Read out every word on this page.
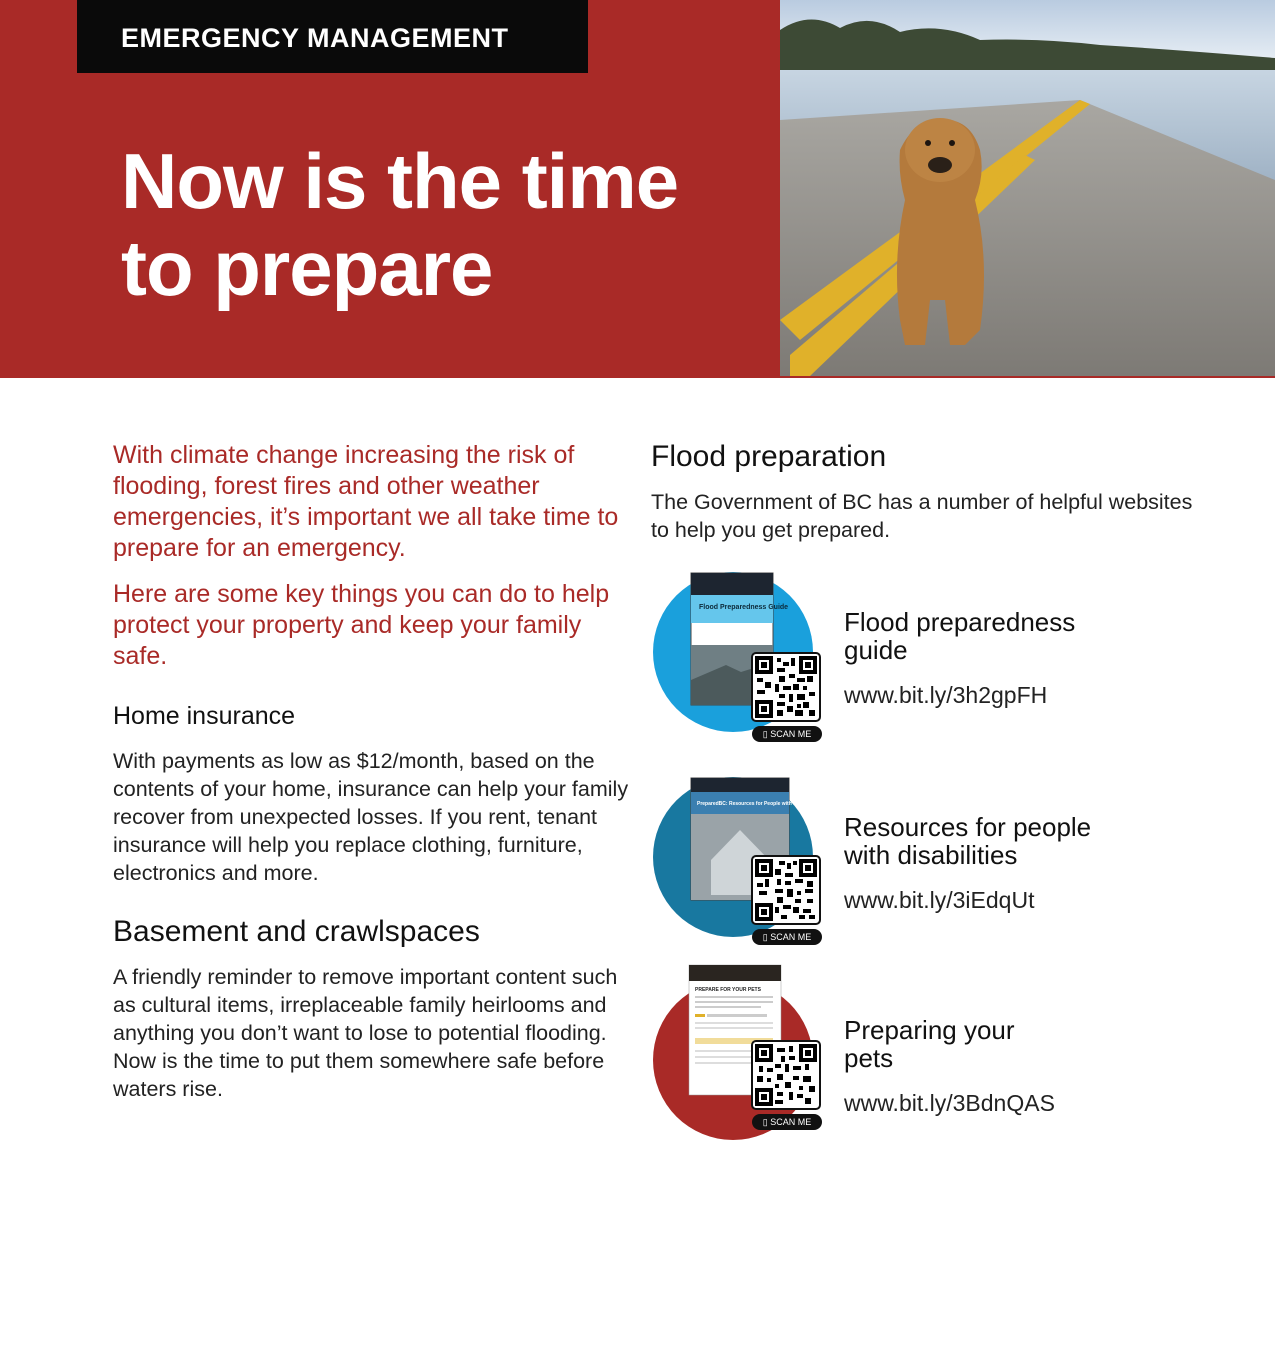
EMERGENCY MANAGEMENT
Now is the time to prepare

With climate change increasing the risk of flooding, forest fires and other weather emergencies, it’s important we all take time to prepare for an emergency.

Here are some key things you can do to help protect your property and keep your family safe.

Home insurance

With payments as low as $12/month, based on the contents of your home, insurance can help your family recover from unexpected losses. If you rent, tenant insurance will help you replace clothing, furniture, electronics and more.

Basement and crawlspaces

A friendly reminder to remove important content such as cultural items, irreplaceable family heirlooms and anything you don’t want to lose to potential flooding. Now is the time to put them somewhere safe before waters rise.

Flood preparation

The Government of BC has a number of helpful websites to help you get prepared.

Flood Preparedness Guide
▯ SCAN ME
Flood preparedness guide

www.bit.ly/3h2gpFH

PreparedBC: Resources for People with Disabilities
▯ SCAN ME
Resources for people with disabilities

www.bit.ly/3iEdqUt

PREPARE FOR YOUR PETS
▯ SCAN ME
Preparing your pets

www.bit.ly/3BdnQAS
